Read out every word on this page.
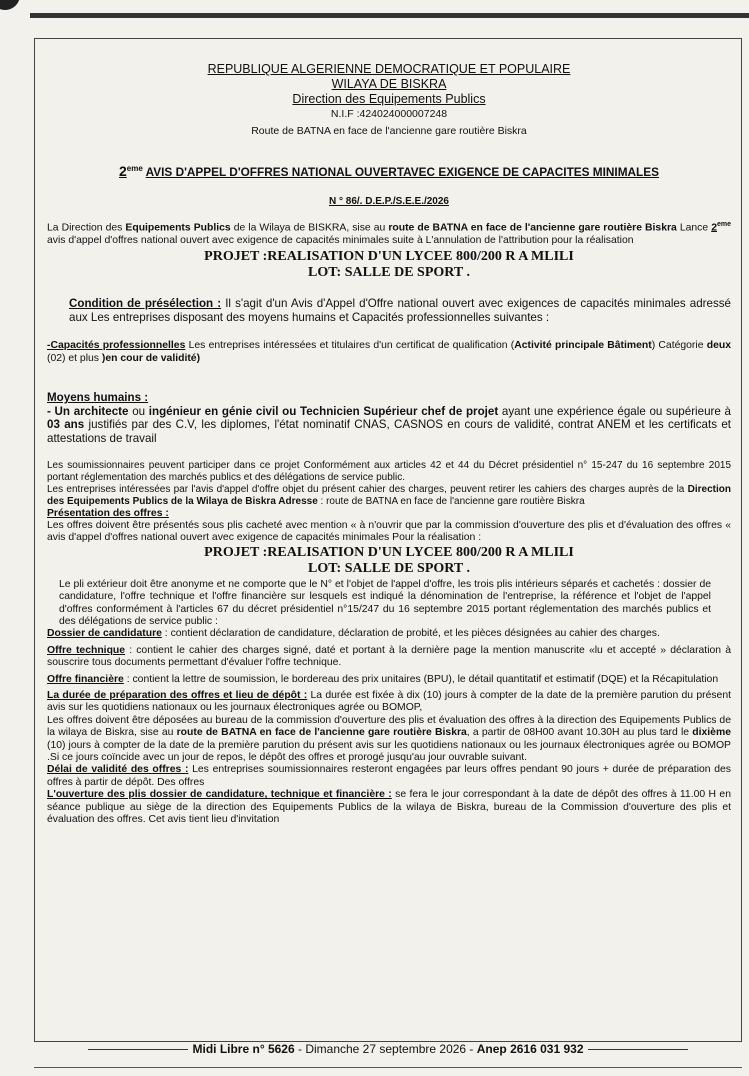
REPUBLIQUE ALGERIENNE DEMOCRATIQUE ET POPULAIRE

WILAYA DE BISKRA

Direction des Equipements Publics

N.I.F :424024000007248

Route de BATNA en face de l'ancienne gare routière Biskra

2eme AVIS D'APPEL D'OFFRES NATIONAL OUVERTAVEC EXIGENCE DE CAPACITES MINIMALES
N ° 86/. D.E.P./S.E.E./2026

La Direction des Equipements Publics de la Wilaya de BISKRA, sise au route de BATNA en face de l'ancienne gare routière Biskra Lance 2eme avis d'appel d'offres national ouvert avec exigence de capacités minimales suite à L'annulation de l'attribution pour la réalisation

PROJET :REALISATION D'UN LYCEE 800/200 R A MLILI

LOT: SALLE DE SPORT .

Condition de présélection : Il s'agit d'un Avis d'Appel d'Offre national ouvert avec exigences de capacités minimales adressé aux Les entreprises disposant des moyens humains et Capacités professionnelles suivantes :

-Capacités professionnelles Les entreprises intéressées et titulaires d'un certificat de qualification (Activité principale Bâtiment) Catégorie deux (02) et plus )en cour de validité)

Moyens humains :

- Un architecte ou ingénieur en génie civil ou Technicien Supérieur chef de projet ayant une expérience égale ou supérieure à 03 ans justifiés par des C.V, les diplomes, l'état nominatif CNAS, CASNOS en cours de validité, contrat ANEM et les certificats et attestations de travail

Les soumissionnaires peuvent participer dans ce projet Conformément aux articles 42 et 44 du Décret présidentiel n° 15-247 du 16 septembre 2015 portant réglementation des marchés publics et des délégations de service public.

Les entreprises intéressées par l'avis d'appel d'offre objet du présent cahier des charges, peuvent retirer les cahiers des charges auprès de la Direction des Equipements Publics de la Wilaya de Biskra Adresse : route de BATNA en face de l'ancienne gare routière Biskra

Présentation des offres :

Les offres doivent être présentés sous plis cacheté avec mention « à n'ouvrir que par la commission d'ouverture des plis et d'évaluation des offres « avis d'appel d'offres national ouvert avec exigence de capacités minimales Pour la réalisation :

PROJET :REALISATION D'UN LYCEE 800/200 R A MLILI

LOT: SALLE DE SPORT .

Le pli extérieur doit être anonyme et ne comporte que le N° et l'objet de l'appel d'offre, les trois plis intérieurs séparés et cachetés : dossier de candidature, l'offre technique et l'offre financière sur lesquels est indiqué la dénomination de l'entreprise, la référence et l'objet de l'appel d'offres conformément à l'articles 67 du décret présidentiel n°15/247 du 16 septembre 2015 portant réglementation des marchés publics et des délégations de service public :

Dossier de candidature : contient déclaration de candidature, déclaration de probité, et les pièces désignées au cahier des charges.

Offre technique : contient le cahier des charges signé, daté et portant à la dernière page la mention manuscrite «lu et accepté » déclaration à souscrire tous documents permettant d'évaluer l'offre technique.

Offre financière : contient la lettre de soumission, le bordereau des prix unitaires (BPU), le détail quantitatif et estimatif (DQE) et la Récapitulation

La durée de préparation des offres et lieu de dépôt : La durée est fixée à dix (10) jours à compter de la date de la première parution du présent avis sur les quotidiens nationaux ou les journaux électroniques agrée ou BOMOP,

Les offres doivent être déposées au bureau de la commission d'ouverture des plis et évaluation des offres à la direction des Equipements Publics de la wilaya de Biskra, sise au route de BATNA en face de l'ancienne gare routière Biskra, a partir de 08H00 avant 10.30H au plus tard le dixième (10) jours à compter de la date de la première parution du présent avis sur les quotidiens nationaux ou les journaux électroniques agrée ou BOMOP .Si ce jours coïncide avec un jour de repos, le dépôt des offres et prorogé jusqu'au jour ouvrable suivant.

Délai de validité des offres : Les entreprises soumissionnaires resteront engagées par leurs offres pendant 90 jours + durée de préparation des offres à partir de dépôt. Des offres

L'ouverture des plis dossier de candidature, technique et financière : se fera le jour correspondant à la date de dépôt des offres à 11.00 H en séance publique au siège de la direction des Equipements Publics de la wilaya de Biskra, bureau de la Commission d'ouverture des plis et évaluation des offres. Cet avis tient lieu d'invitation

Midi Libre n° 5626 - Dimanche 27 septembre 2026 - Anep 2616 031 932
